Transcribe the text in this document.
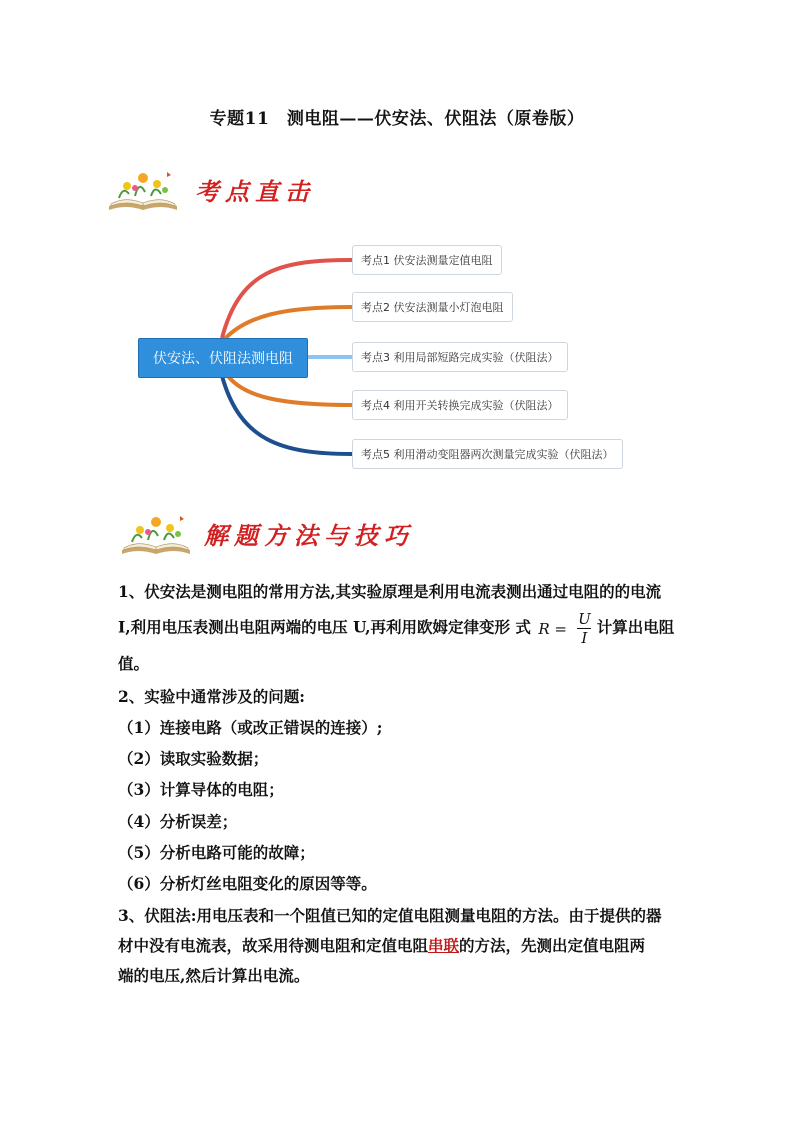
专题11　测电阻——伏安法、伏阻法（原卷版）
考点直击
伏安法、伏阻法测电阻
考点1 伏安法测量定值电阻
考点2 伏安法测量小灯泡电阻
考点3 利用局部短路完成实验（伏阻法）
考点4 利用开关转换完成实验（伏阻法）
考点5 利用滑动变阻器两次测量完成实验（伏阻法）
解题方法与技巧
1、伏安法是测电阻的常用方法,其实验原理是利用电流表测出通过电阻的的电流
I,利用电压表测出电阻两端的电压 U,再利用欧姆定律变形 式 $R = \frac{U}{I}$ 计算出电阻
值。
2、实验中通常涉及的问题:
（1）连接电路（或改正错误的连接）;
（2）读取实验数据；
（3）计算导体的电阻；
（4）分析误差；
（5）分析电路可能的故障；
（6）分析灯丝电阻变化的原因等等。
3、伏阻法:用电压表和一个阻值已知的定值电阻测量电阻的方法。由于提供的器
材中没有电流表，故采用待测电阻和定值电阻串联的方法，先测出定值电阻两
端的电压,然后计算出电流。
